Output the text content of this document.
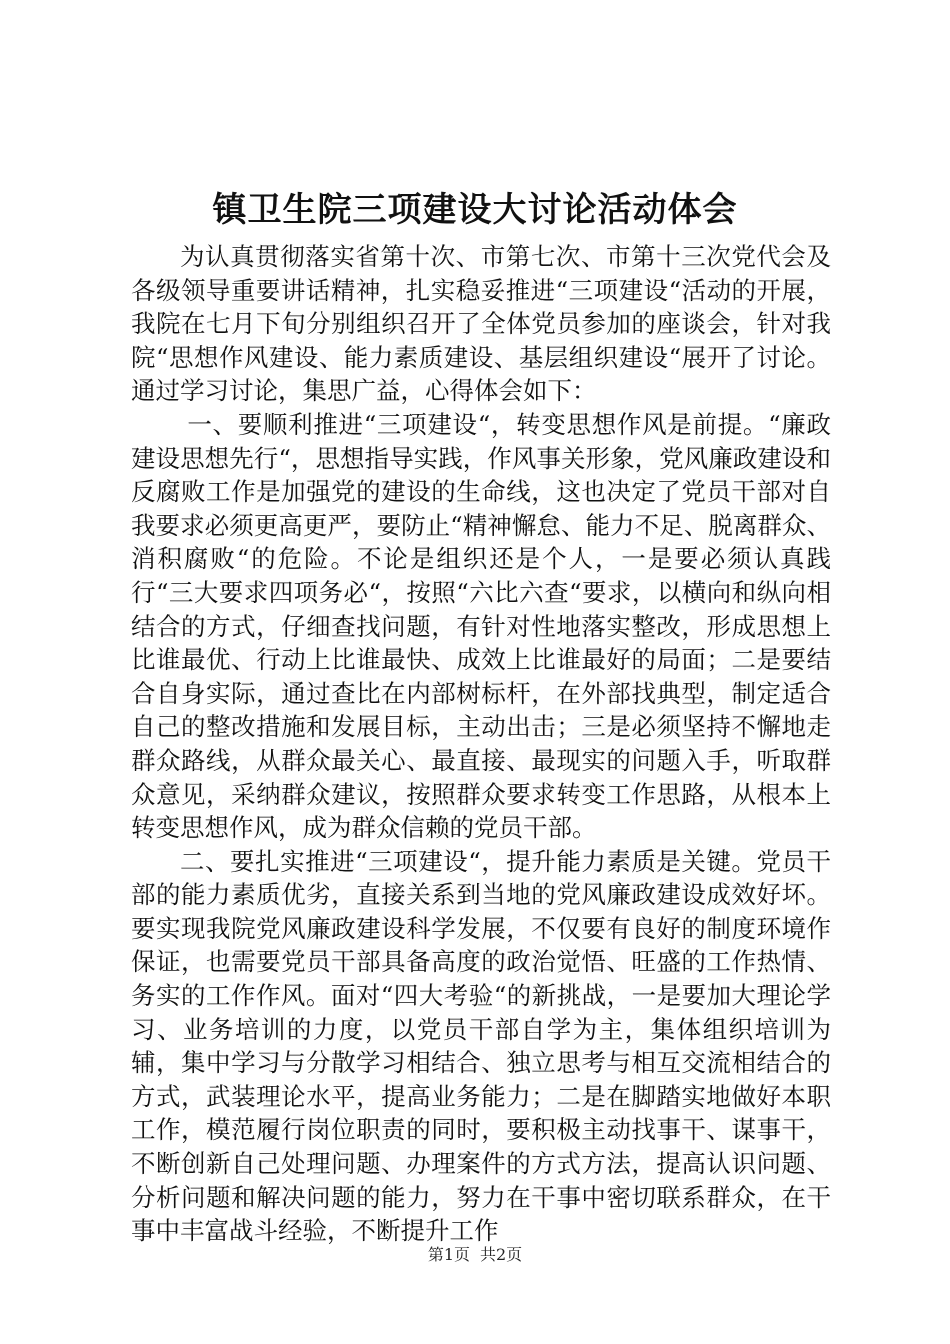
镇卫生院三项建设大讨论活动体会

为认真贯彻落实省第十次、市第七次、市第十三次党代会及各级领导重要讲话精神，扎实稳妥推进“三项建设“活动的开展，我院在七月下旬分别组织召开了全体党员参加的座谈会，针对我院“思想作风建设、能力素质建设、基层组织建设“展开了讨论。通过学习讨论，集思广益，心得体会如下：

一、要顺利推进“三项建设“，转变思想作风是前提。“廉政建设思想先行“，思想指导实践，作风事关形象，党风廉政建设和反腐败工作是加强党的建设的生命线，这也决定了党员干部对自我要求必须更高更严，要防止“精神懈怠、能力不足、脱离群众、消积腐败“的危险。不论是组织还是个人，一是要必须认真践行“三大要求四项务必“，按照“六比六查“要求，以横向和纵向相结合的方式，仔细查找问题，有针对性地落实整改，形成思想上比谁最优、行动上比谁最快、成效上比谁最好的局面；二是要结合自身实际，通过查比在内部树标杆，在外部找典型，制定适合自己的整改措施和发展目标，主动出击；三是必须坚持不懈地走群众路线，从群众最关心、最直接、最现实的问题入手，听取群众意见，采纳群众建议，按照群众要求转变工作思路，从根本上转变思想作风，成为群众信赖的党员干部。

二、要扎实推进“三项建设“，提升能力素质是关键。党员干部的能力素质优劣，直接关系到当地的党风廉政建设成效好坏。要实现我院党风廉政建设科学发展，不仅要有良好的制度环境作保证，也需要党员干部具备高度的政治觉悟、旺盛的工作热情、务实的工作作风。面对“四大考验“的新挑战，一是要加大理论学习、业务培训的力度，以党员干部自学为主，集体组织培训为辅，集中学习与分散学习相结合、独立思考与相互交流相结合的方式，武装理论水平，提高业务能力；二是在脚踏实地做好本职工作，模范履行岗位职责的同时，要积极主动找事干、谋事干，不断创新自己处理问题、办理案件的方式方法，提高认识问题、分析问题和解决问题的能力，努力在干事中密切联系群众，在干事中丰富战斗经验，不断提升工作

第1页 共2页
